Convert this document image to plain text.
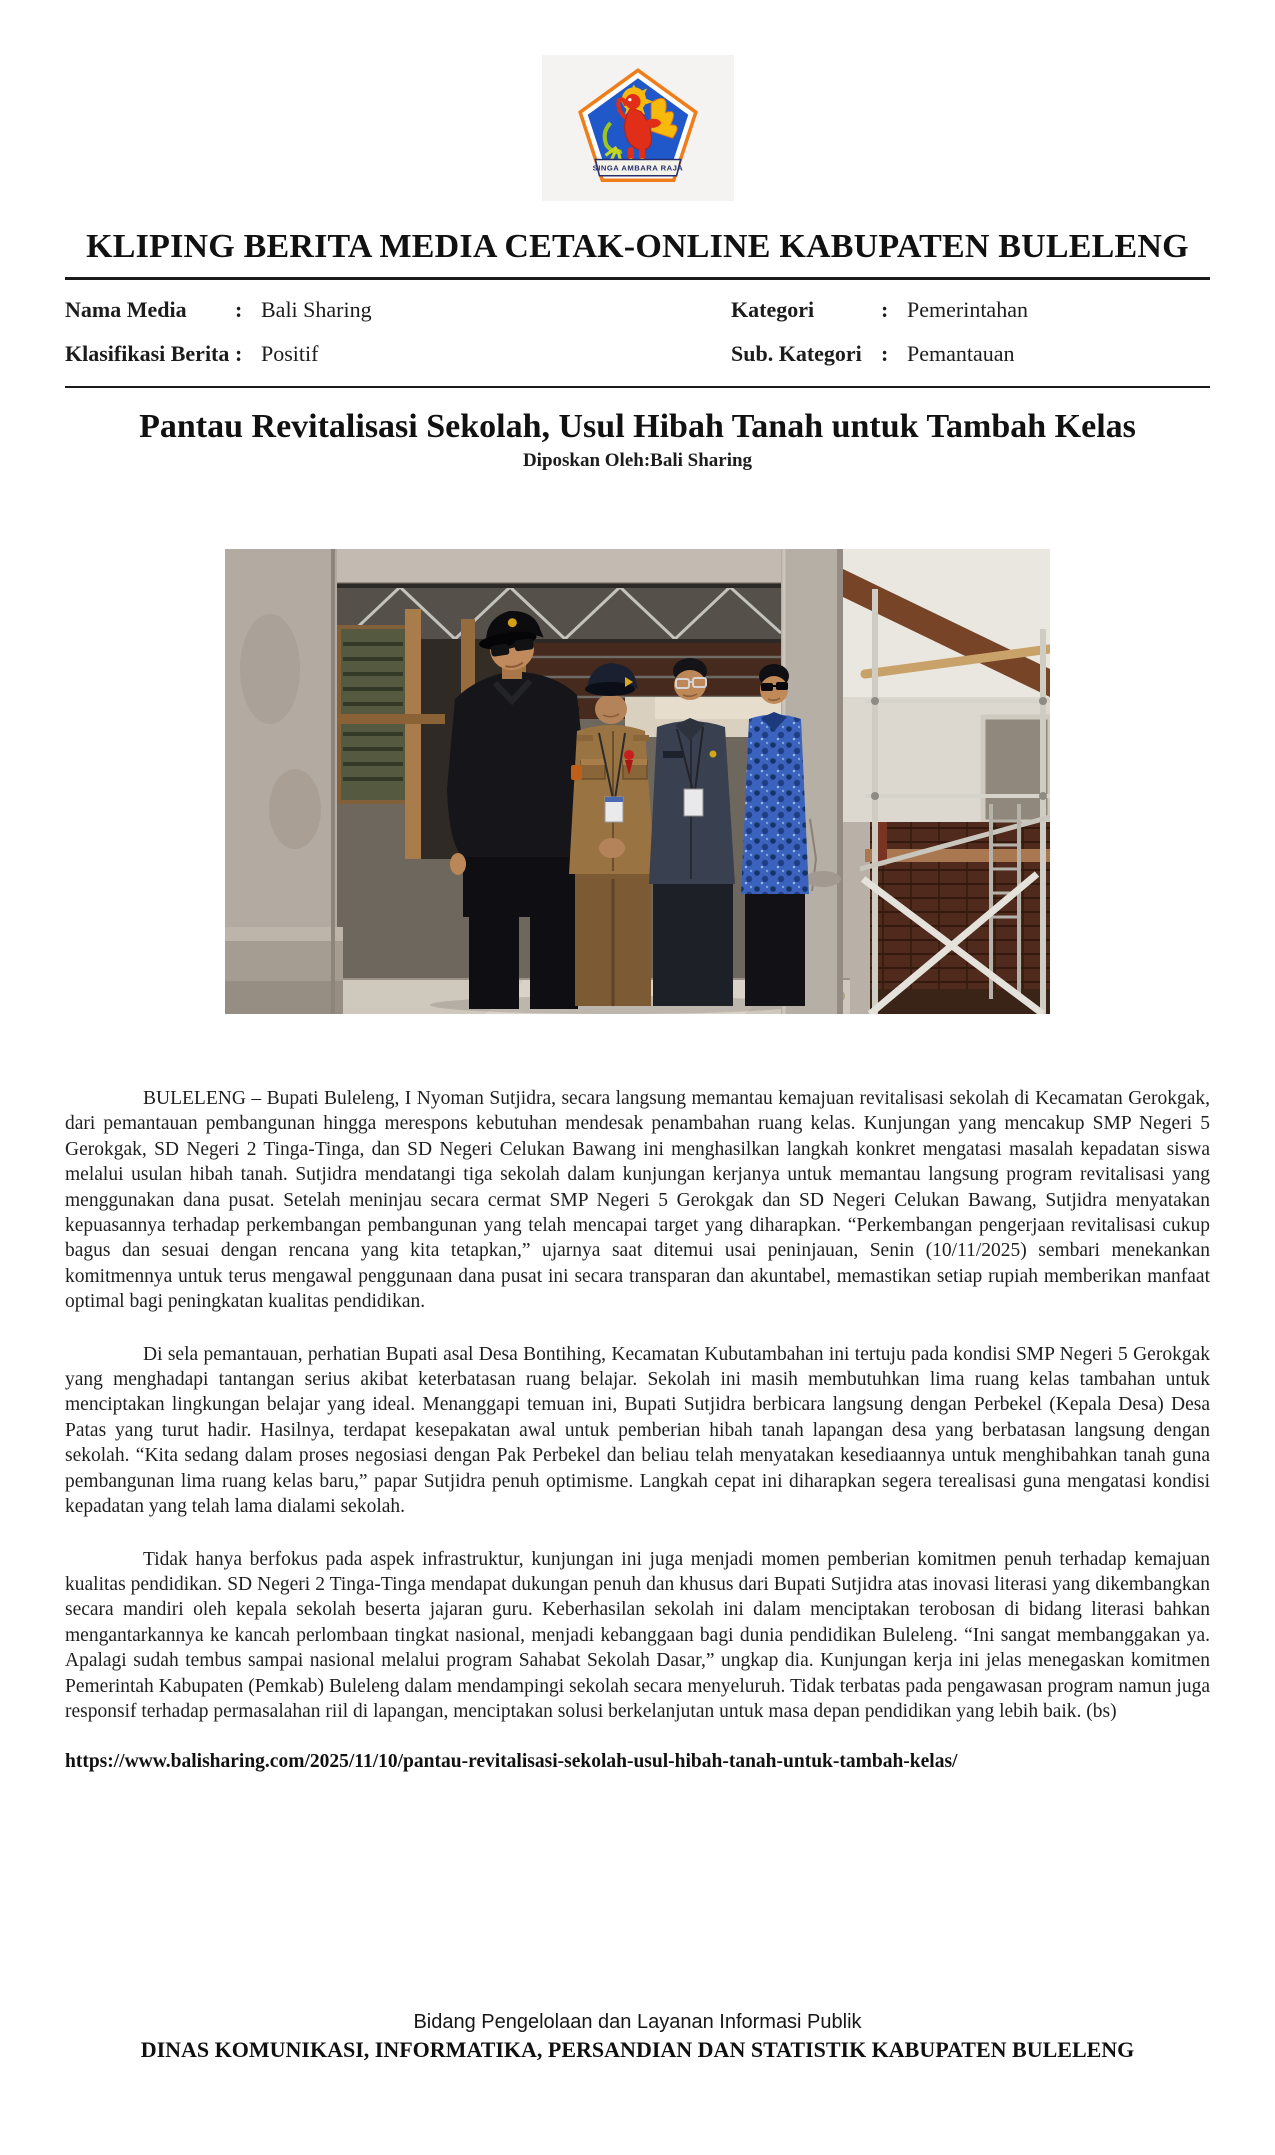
SINGA AMBARA RAJA
KLIPING BERITA MEDIA CETAK-ONLINE KABUPATEN BULELENG
Nama Media	: Bali Sharing	Kategori	: Pemerintahan
Klasifikasi Berita : Positif	Sub. Kategori : Pemantauan
Pantau Revitalisasi Sekolah, Usul Hibah Tanah untuk Tambah Kelas
Diposkan Oleh:Bali Sharing

BULELENG – Bupati Buleleng, I Nyoman Sutjidra, secara langsung memantau kemajuan revitalisasi sekolah di Kecamatan Gerokgak, dari pemantauan pembangunan hingga merespons kebutuhan mendesak penambahan ruang kelas. Kunjungan yang mencakup SMP Negeri 5 Gerokgak, SD Negeri 2 Tinga-Tinga, dan SD Negeri Celukan Bawang ini menghasilkan langkah konkret mengatasi masalah kepadatan siswa melalui usulan hibah tanah. Sutjidra mendatangi tiga sekolah dalam kunjungan kerjanya untuk memantau langsung program revitalisasi yang menggunakan dana pusat. Setelah meninjau secara cermat SMP Negeri 5 Gerokgak dan SD Negeri Celukan Bawang, Sutjidra menyatakan kepuasannya terhadap perkembangan pembangunan yang telah mencapai target yang diharapkan. “Perkembangan pengerjaan revitalisasi cukup bagus dan sesuai dengan rencana yang kita tetapkan,” ujarnya saat ditemui usai peninjauan, Senin (10/11/2025) sembari menekankan komitmennya untuk terus mengawal penggunaan dana pusat ini secara transparan dan akuntabel, memastikan setiap rupiah memberikan manfaat optimal bagi peningkatan kualitas pendidikan.

Di sela pemantauan, perhatian Bupati asal Desa Bontihing, Kecamatan Kubutambahan ini tertuju pada kondisi SMP Negeri 5 Gerokgak yang menghadapi tantangan serius akibat keterbatasan ruang belajar. Sekolah ini masih membutuhkan lima ruang kelas tambahan untuk menciptakan lingkungan belajar yang ideal. Menanggapi temuan ini, Bupati Sutjidra berbicara langsung dengan Perbekel (Kepala Desa) Desa Patas yang turut hadir. Hasilnya, terdapat kesepakatan awal untuk pemberian hibah tanah lapangan desa yang berbatasan langsung dengan sekolah. “Kita sedang dalam proses negosiasi dengan Pak Perbekel dan beliau telah menyatakan kesediaannya untuk menghibahkan tanah guna pembangunan lima ruang kelas baru,” papar Sutjidra penuh optimisme. Langkah cepat ini diharapkan segera terealisasi guna mengatasi kondisi kepadatan yang telah lama dialami sekolah.

Tidak hanya berfokus pada aspek infrastruktur, kunjungan ini juga menjadi momen pemberian komitmen penuh terhadap kemajuan kualitas pendidikan. SD Negeri 2 Tinga-Tinga mendapat dukungan penuh dan khusus dari Bupati Sutjidra atas inovasi literasi yang dikembangkan secara mandiri oleh kepala sekolah beserta jajaran guru. Keberhasilan sekolah ini dalam menciptakan terobosan di bidang literasi bahkan mengantarkannya ke kancah perlombaan tingkat nasional, menjadi kebanggaan bagi dunia pendidikan Buleleng. “Ini sangat membanggakan ya. Apalagi sudah tembus sampai nasional melalui program Sahabat Sekolah Dasar,” ungkap dia. Kunjungan kerja ini jelas menegaskan komitmen Pemerintah Kabupaten (Pemkab) Buleleng dalam mendampingi sekolah secara menyeluruh. Tidak terbatas pada pengawasan program namun juga responsif terhadap permasalahan riil di lapangan, menciptakan solusi berkelanjutan untuk masa depan pendidikan yang lebih baik. (bs)

https://www.balisharing.com/2025/11/10/pantau-revitalisasi-sekolah-usul-hibah-tanah-untuk-tambah-kelas/
Bidang Pengelolaan dan Layanan Informasi Publik
DINAS KOMUNIKASI, INFORMATIKA, PERSANDIAN DAN STATISTIK KABUPATEN BULELENG
